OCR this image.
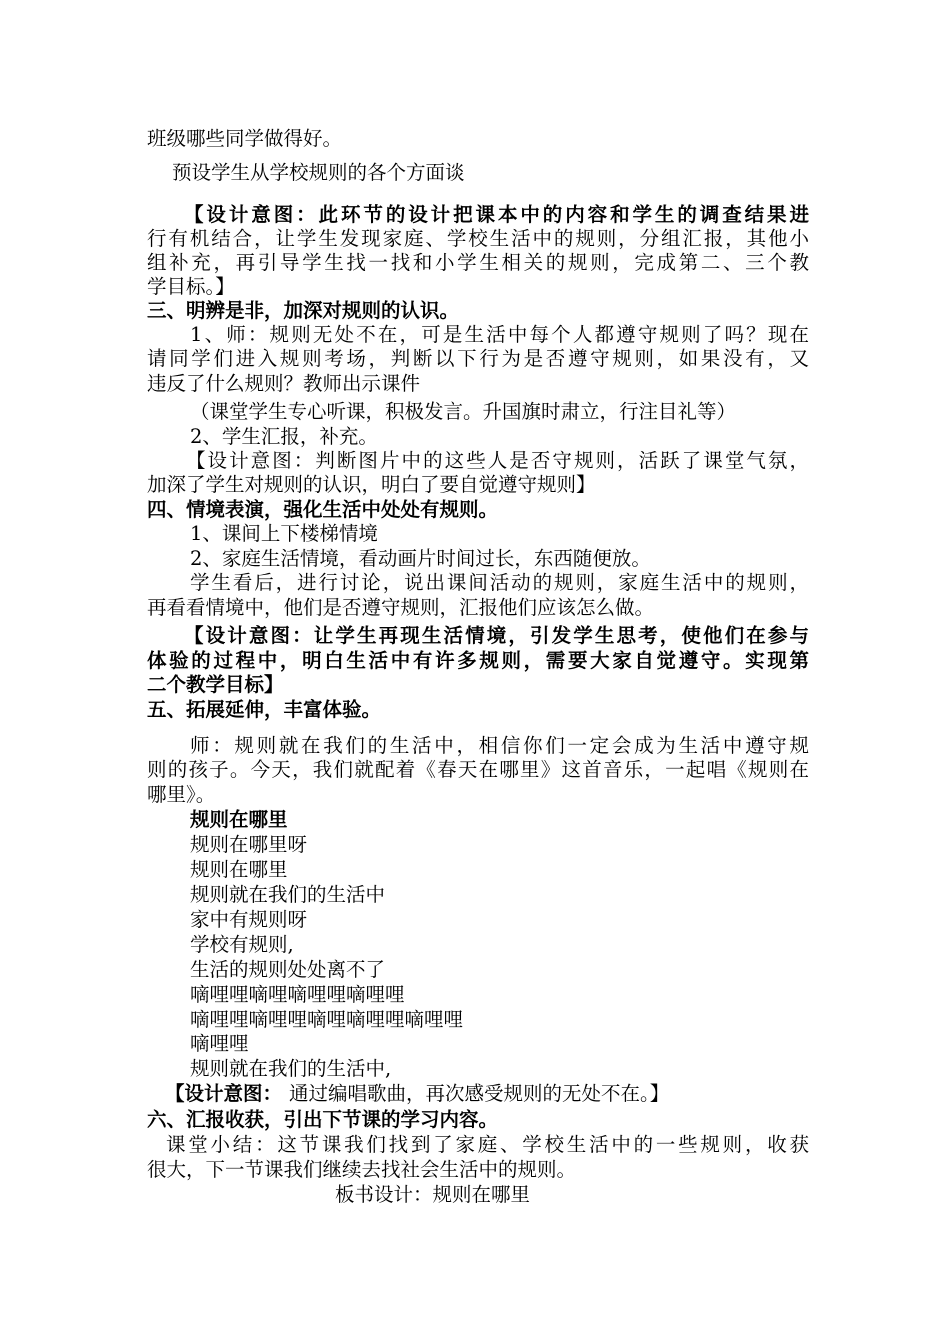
班级哪些同学做得好。
预设学生从学校规则的各个方面谈
【设计意图：此环节的设计把课本中的内容和学生的调查结果进
行有机结合，让学生发现家庭、学校生活中的规则，分组汇报，其他小
组补充，再引导学生找一找和小学生相关的规则，完成第二、三个教
学目标。】
三、明辨是非，加深对规则的认识。
1、师：规则无处不在，可是生活中每个人都遵守规则了吗？现在
请同学们进入规则考场，判断以下行为是否遵守规则，如果没有，又
违反了什么规则？教师出示课件
（课堂学生专心听课，积极发言。升国旗时肃立，行注目礼等）
2、学生汇报，补充。
【设计意图：判断图片中的这些人是否守规则，活跃了课堂气氛，
加深了学生对规则的认识，明白了要自觉遵守规则】
四、情境表演，强化生活中处处有规则。
1、课间上下楼梯情境
2、家庭生活情境，看动画片时间过长，东西随便放。
学生看后，进行讨论，说出课间活动的规则，家庭生活中的规则，
再看看情境中，他们是否遵守规则，汇报他们应该怎么做。
【设计意图：让学生再现生活情境，引发学生思考，使他们在参与
体验的过程中，明白生活中有许多规则，需要大家自觉遵守。实现第
二个教学目标】
五、拓展延伸，丰富体验。
师：规则就在我们的生活中，相信你们一定会成为生活中遵守规
则的孩子。今天，我们就配着《春天在哪里》这首音乐，一起唱《规则在
哪里》。
规则在哪里
规则在哪里呀
规则在哪里
规则就在我们的生活中
家中有规则呀
学校有规则,
生活的规则处处离不了
嘀哩哩嘀哩嘀哩哩嘀哩哩
嘀哩哩嘀哩哩嘀哩嘀哩哩嘀哩哩
嘀哩哩
规则就在我们的生活中,
【设计意图： 通过编唱歌曲，再次感受规则的无处不在。】
六、汇报收获，引出下节课的学习内容。
课堂小结：这节课我们找到了家庭、学校生活中的一些规则，收获
很大，下一节课我们继续去找社会生活中的规则。
板书设计：规则在哪里
